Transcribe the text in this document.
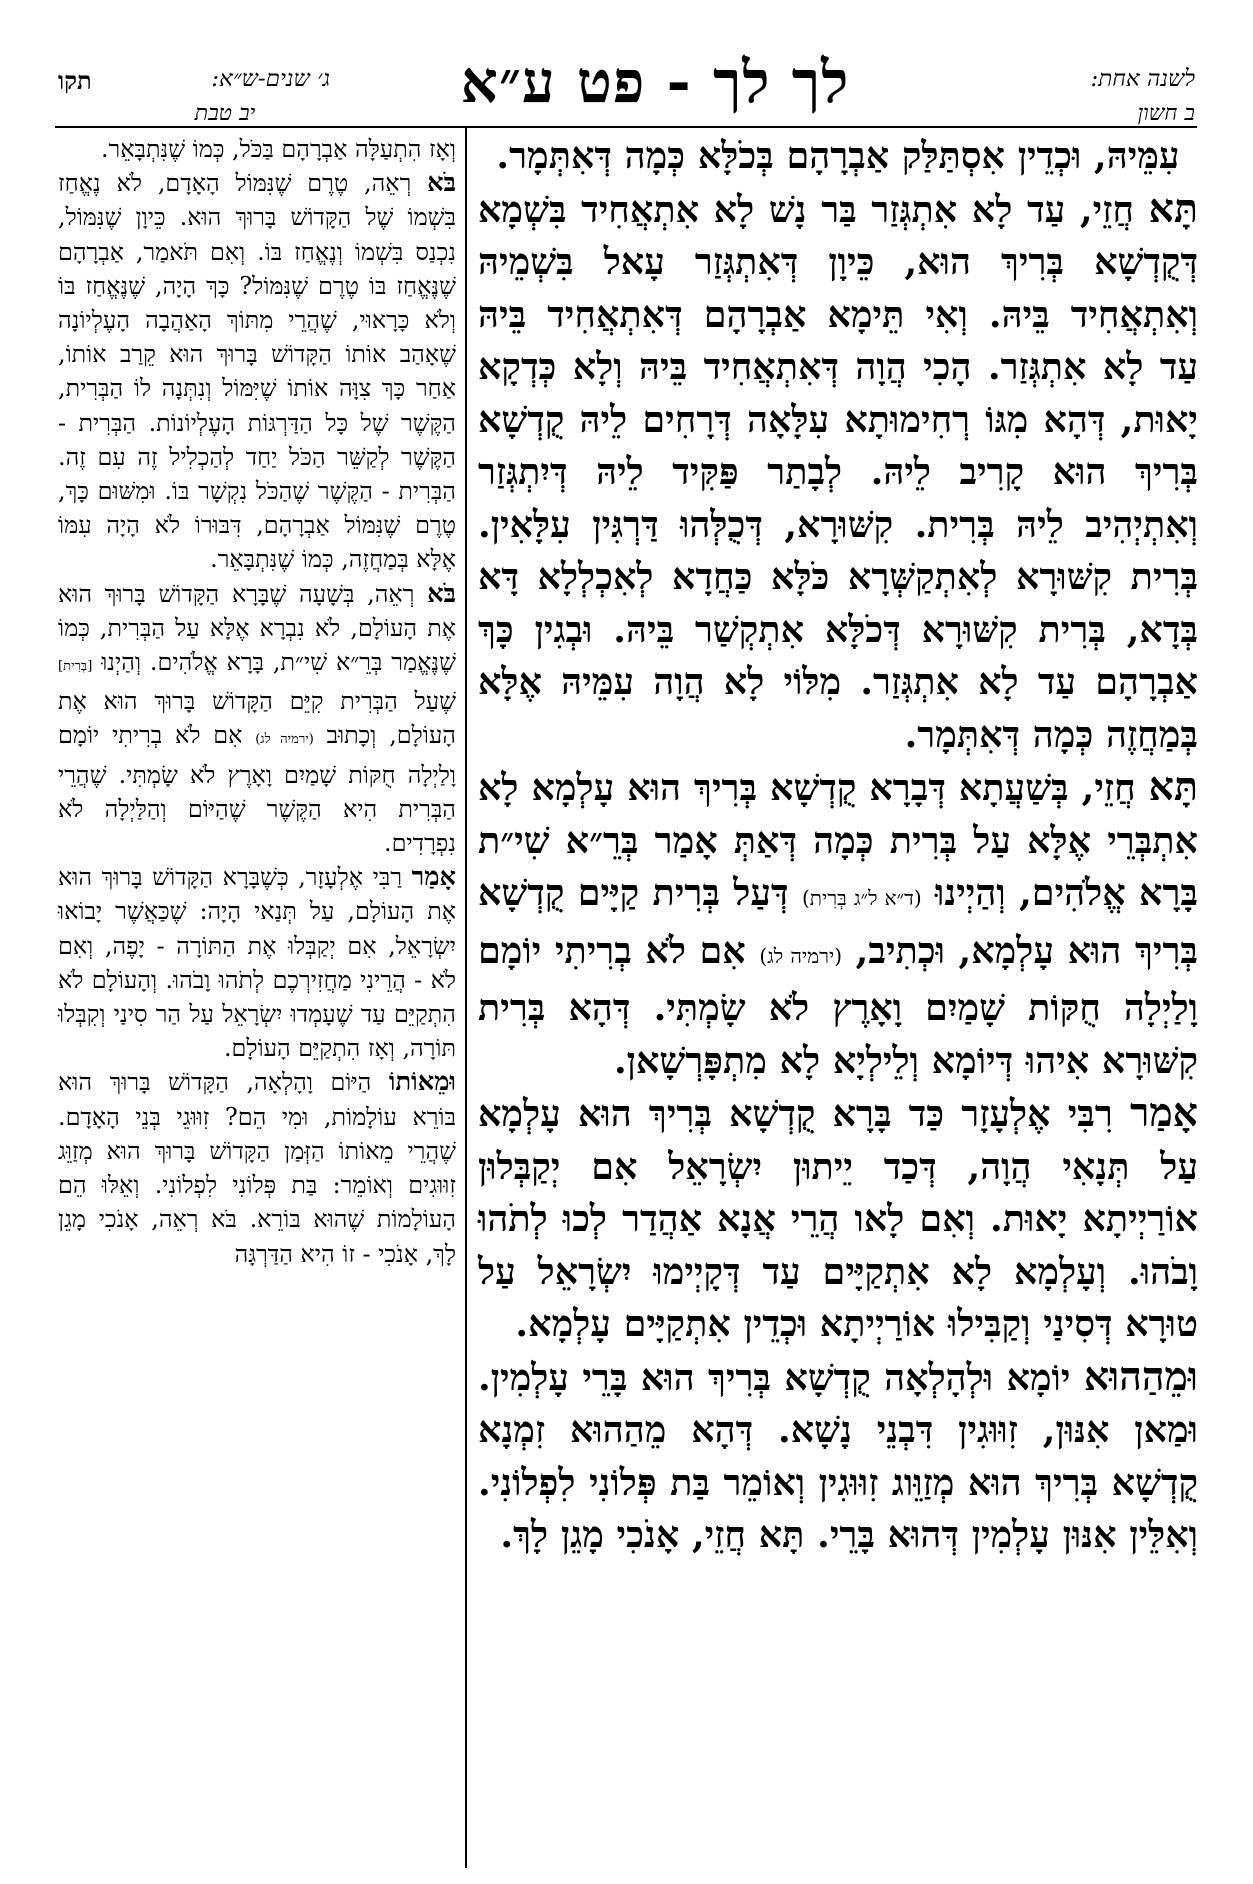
תקו	ג׳ שנים-ש״א:
יב טבת	לך לך - פט ע״א	לשנה אחת:
ב חשון

עִמֵּיהּ, וּכְדֵין אִסְתַּלַּק אַבְרָהָם בְּכֹלָּא כְּמָה דְּאִתְּמָר.

תָּא חֲזֵי, עַד לָא אִתְגְּזַר בַּר נָשׁ לָא אִתְאֲחִיד בִּשְׁמָא דְּקֻדְשָׁא בְּרִיךְ הוּא, כֵּיוָן דְּאִתְגְּזַר עָאל בִּשְׁמֵיהּ וְאִתְאֲחִיד בֵּיהּ. וְאִי תֵּימָא אַבְרָהָם דְּאִתְאֲחִיד בֵּיהּ עַד לָא אִתְגְּזַר. הָכִי הֲוָה דְּאִתְאֲחִיד בֵּיהּ וְלָא כְּדְקָא יָאוּת, דְּהָא מִגּוֹ רְחִימוּתָא עִלָּאָה דְּרָחִים לֵיהּ קֻדְשָׁא בְּרִיךְ הוּא קָרִיב לֵיהּ. לְבָתַר פַּקִּיד לֵיהּ דְּיִתְגְּזַר וְאִתְיְהִיב לֵיהּ בְּרִית. קִשּׁוּרָא, דְּכֻלְּהוּ דַּרְגִּין עִלָּאִין. בְּרִית קִשּׁוּרָא לְאִתְקַשְּׁרָא כֹּלָּא כַּחֲדָא לְאִכְלְלָא דָּא בְּדָא, בְּרִית קִשּׁוּרָא דְּכֹלָּא אִתְקְשַׁר בֵּיהּ. וּבְגִין כָּךְ אַבְרָהָם עַד לָא אִתְגְּזַר. מִלּוֹי לָא הֲוָה עִמֵּיהּ אֶלָּא בְּמַחֲזֶה כְּמָה דְּאִתְּמָר.

תָּא חֲזֵי, בְּשַׁעֲתָא דְּבָרָא קֻדְשָׁא בְּרִיךְ הוּא עָלְמָא לָא אִתְבְּרֵי אֶלָּא עַל בְּרִית כְּמָה דְּאַתְּ אָמַר בְּרֵ״א שִׁי״ת בָּרָא אֱלֹהִים, וְהַיְינוּ (ד״א ל״ג בְּרִית) דְּעַל בְּרִית קַיָּים קֻדְשָׁא בְּרִיךְ הוּא עָלְמָא, וּכְתִיב, (ירמיה לג) אִם לֹא בְרִיתִי יוֹמָם וָלַיְלָה חֻקּוֹת שָׁמַיִם וָאָרֶץ לֹא שָׂמְתִּי. דְּהָא בְּרִית קִשּׁוּרָא אִיהוּ דְּיוֹמָא וְלֵילְיָא לָא מִתְפָּרְשָׁאן.

אָמַר רִבִּי אֶלְעָזָר כַּד בָּרָא קֻדְשָׁא בְּרִיךְ הוּא עָלְמָא עַל תְּנָאִי הֲוָה, דְּכַד יֵיתוּן יִשְׂרָאֵל אִם יְקַבְּלוּן אוֹרַיְיתָא יָאוּת. וְאִם לָאו הֲרֵי אֲנָא אַהֲדַר לְכוּ לְתֹהוּ וָבֹהוּ. וְעָלְמָא לָא אִתְקַיָּים עַד דְּקָיְימוּ יִשְׂרָאֵל עַל טוּרָא דְּסִינַי וְקַבִּילוּ אוֹרַיְיתָא וּכְדֵין אִתְקַיָּים עָלְמָא.

וּמֵהַהוּא יוֹמָא וּלְהָלְאָה קֻדְשָׁא בְּרִיךְ הוּא בָּרֵי עָלְמִין. וּמַאן אִנּוּן, זִוּוּגִין דִּבְנֵי נָשָׁא. דְּהָא מֵהַהוּא זִמְנָא קֻדְשָׁא בְּרִיךְ הוּא מְזַוֵּוג זִוּוּגִין וְאוֹמֵר בַּת פְּלוֹנִי לִפְלוֹנִי. וְאִלֵּין אִנּוּן עָלְמִין דְּהוּא בָּרֵי. תָּא חֲזֵי, אָנֹכִי מָגֵן לָךְ.

וְאָז הִתְעַלָּה אַבְרָהָם בַּכֹּל, כְּמוֹ שֶׁנִּתְבָּאֵר.

בֹּא רְאֵה, טֶרֶם שֶׁנִּמּוֹל הָאָדָם, לֹא נֶאֱחַז בִּשְׁמוֹ שֶׁל הַקָּדוֹשׁ בָּרוּךְ הוּא. כֵּיוָן שֶׁנִּמּוֹל, נִכְנַס בִּשְׁמוֹ וְנֶאֱחַז בּוֹ. וְאִם תֹּאמַר, אַבְרָהָם שֶׁנֶּאֱחַז בּוֹ טֶרֶם שֶׁנִּמּוֹל? כָּךְ הָיָה, שֶׁנֶּאֱחַז בּוֹ וְלֹא כָּרָאוּי, שֶׁהֲרֵי מִתּוֹךְ הָאַהֲבָה הָעֶלְיוֹנָה שֶׁאָהַב אוֹתוֹ הַקָּדוֹשׁ בָּרוּךְ הוּא קֵרַב אוֹתוֹ, אַחַר כָּךְ צִוָּה אוֹתוֹ שֶׁיִּמּוֹל וְנִתְּנָה לוֹ הַבְּרִית, הַקֶּשֶׁר שֶׁל כָּל הַדַּרְגּוֹת הָעֶלְיוֹנוֹת. הַבְּרִית - הַקֶּשֶׁר לְקַשֵּׁר הַכֹּל יַחַד לְהַכְלִיל זֶה עִם זֶה. הַבְּרִית - הַקֶּשֶׁר שֶׁהַכֹּל נִקְשָׁר בּוֹ. וּמִשּׁוּם כָּךְ, טֶרֶם שֶׁנִּמּוֹל אַבְרָהָם, דִּבּוּרוֹ לֹא הָיָה עִמּוֹ אֶלָּא בְּמַחֲזֶה, כְּמוֹ שֶׁנִּתְבָּאֵר.

בֹּא רְאֵה, בְּשָׁעָה שֶׁבָּרָא הַקָּדוֹשׁ בָּרוּךְ הוּא אֶת הָעוֹלָם, לֹא נִבְרָא אֶלָּא עַל הַבְּרִית, כְּמוֹ שֶׁנֶּאֱמַר בְּרֵ״א שִׁי״ת, בָּרָא אֱלֹהִים. וְהַיְנוּ [בְּרִית] שֶׁעַל הַבְּרִית קִיֵּם הַקָּדוֹשׁ בָּרוּךְ הוּא אֶת הָעוֹלָם, וְכָתוּב (ירמיה לג) אִם לֹא בְרִיתִי יוֹמָם וָלַיְלָה חֻקּוֹת שָׁמַיִם וָאָרֶץ לֹא שָׂמְתִּי. שֶׁהֲרֵי הַבְּרִית הִיא הַקֶּשֶׁר שֶׁהַיּוֹם וְהַלַּיְלָה לֹא נִפְרָדִים.

אָמַר רַבִּי אֶלְעָזָר, כְּשֶׁבָּרָא הַקָּדוֹשׁ בָּרוּךְ הוּא אֶת הָעוֹלָם, עַל תְּנַאי הָיָה: שֶׁכַּאֲשֶׁר יָבוֹאוּ יִשְׂרָאֵל, אִם יְקַבְּלוּ אֶת הַתּוֹרָה - יָפֶה, וְאִם לֹא - הֲרֵינִי מַחֲזִירְכֶם לְתֹהוּ וָבֹהוּ. וְהָעוֹלָם לֹא הִתְקַיֵּם עַד שֶׁעָמְדוּ יִשְׂרָאֵל עַל הַר סִינַי וְקִבְּלוּ תּוֹרָה, וְאָז הִתְקַיֵּם הָעוֹלָם.

וּמֵאוֹתוֹ הַיּוֹם וָהָלְאָה, הַקָּדוֹשׁ בָּרוּךְ הוּא בּוֹרֵא עוֹלָמוֹת, וּמִי הֵם? זִוּוּגֵי בְּנֵי הָאָדָם. שֶׁהֲרֵי מֵאוֹתוֹ הַזְּמַן הַקָּדוֹשׁ בָּרוּךְ הוּא מְזַוֵּג זִוּוּגִים וְאוֹמֵר: בַּת פְּלוֹנִי לִפְלוֹנִי. וְאֵלּוּ הֵם הָעוֹלָמוֹת שֶׁהוּא בּוֹרֵא. בֹּא רְאֵה, אָנֹכִי מָגֵן לָךְ, אָנֹכִי - זוֹ הִיא הַדַּרְגָּה
